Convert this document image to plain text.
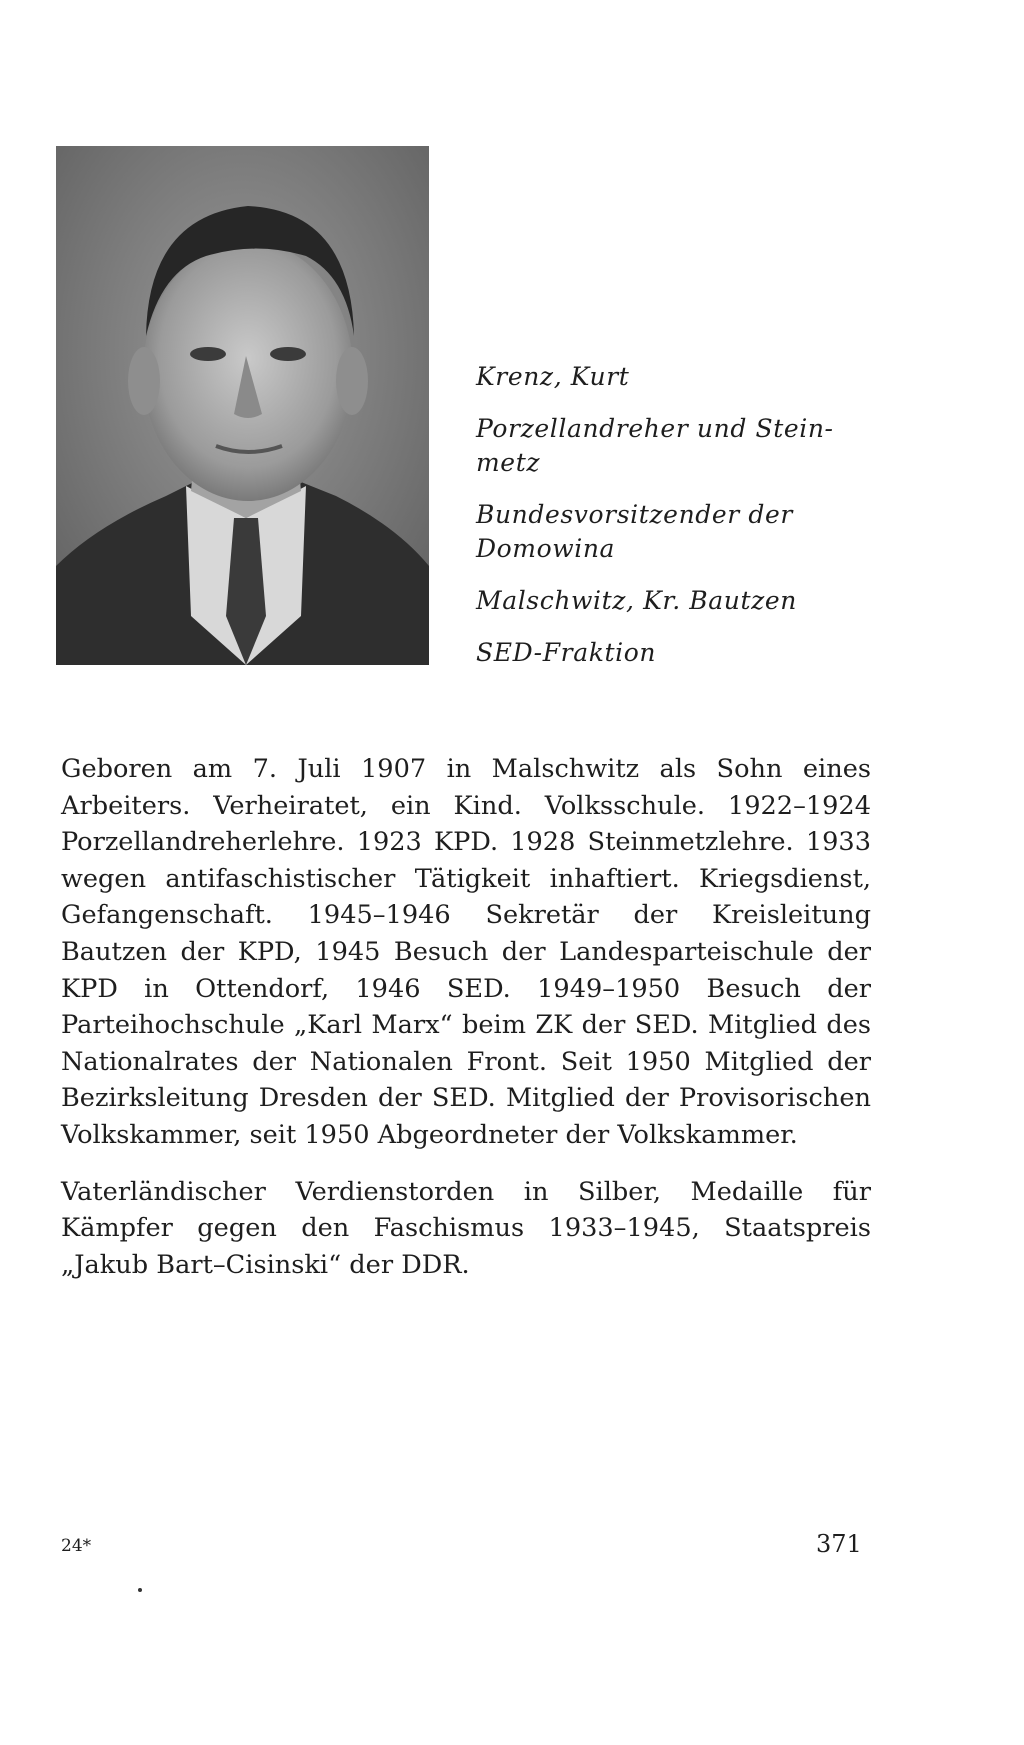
Krenz, Kurt

Porzellandreher und Stein-metz

Bundesvorsitzender der Domowina

Malschwitz, Kr. Bautzen

SED-Fraktion

Geboren am 7. Juli 1907 in Malschwitz als Sohn eines Arbeiters. Verheiratet, ein Kind. Volksschule. 1922–1924 Porzellandreherlehre. 1923 KPD. 1928 Steinmetzlehre. 1933 wegen antifaschistischer Tätigkeit inhaftiert. Kriegsdienst, Gefangenschaft. 1945–1946 Sekretär der Kreisleitung Bautzen der KPD, 1945 Besuch der Landesparteischule der KPD in Ottendorf, 1946 SED. 1949–1950 Besuch der Parteihochschule „Karl Marx“ beim ZK der SED. Mitglied des Nationalrates der Nationalen Front. Seit 1950 Mitglied der Bezirksleitung Dresden der SED. Mitglied der Provisorischen Volkskammer, seit 1950 Abgeordneter der Volkskammer.

Vaterländischer Verdienstorden in Silber, Medaille für Kämpfer gegen den Faschismus 1933–1945, Staatspreis „Jakub Bart–Cisinski“ der DDR.

24*	371
